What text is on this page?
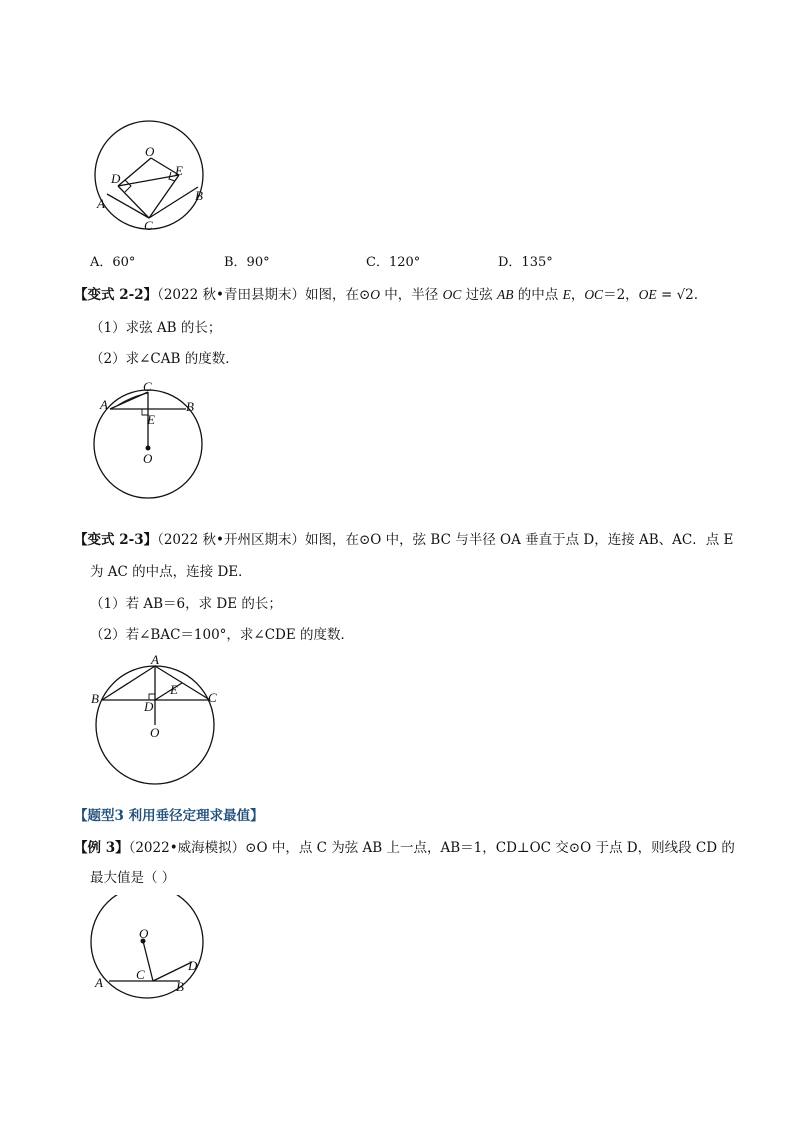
O
D
E
A
B
C
A．60°	B．90°	C．120°	D．135°
【变式 2-2】（2022 秋•青田县期末）如图，在⊙O 中，半径 OC 过弦 AB 的中点 E，OC＝2，OE = √2.
（1）求弦 AB 的长；
（2）求∠CAB 的度数．
A	B
C
E
O
【变式 2-3】（2022 秋•开州区期末）如图，在⊙O 中，弦 BC 与半径 OA 垂直于点 D，连接 AB、AC．点 E
为 AC 的中点，连接 DE．
（1）若 AB＝6，求 DE 的长；
（2）若∠BAC＝100°，求∠CDE 的度数．
A
B	C
D
E
O
【题型3 利用垂径定理求最值】
【例 3】（2022•威海模拟）⊙O 中，点 C 为弦 AB 上一点，AB＝1，CD⊥OC 交⊙O 于点 D，则线段 CD 的
最大值是（ ）
O
C
A	B
D
